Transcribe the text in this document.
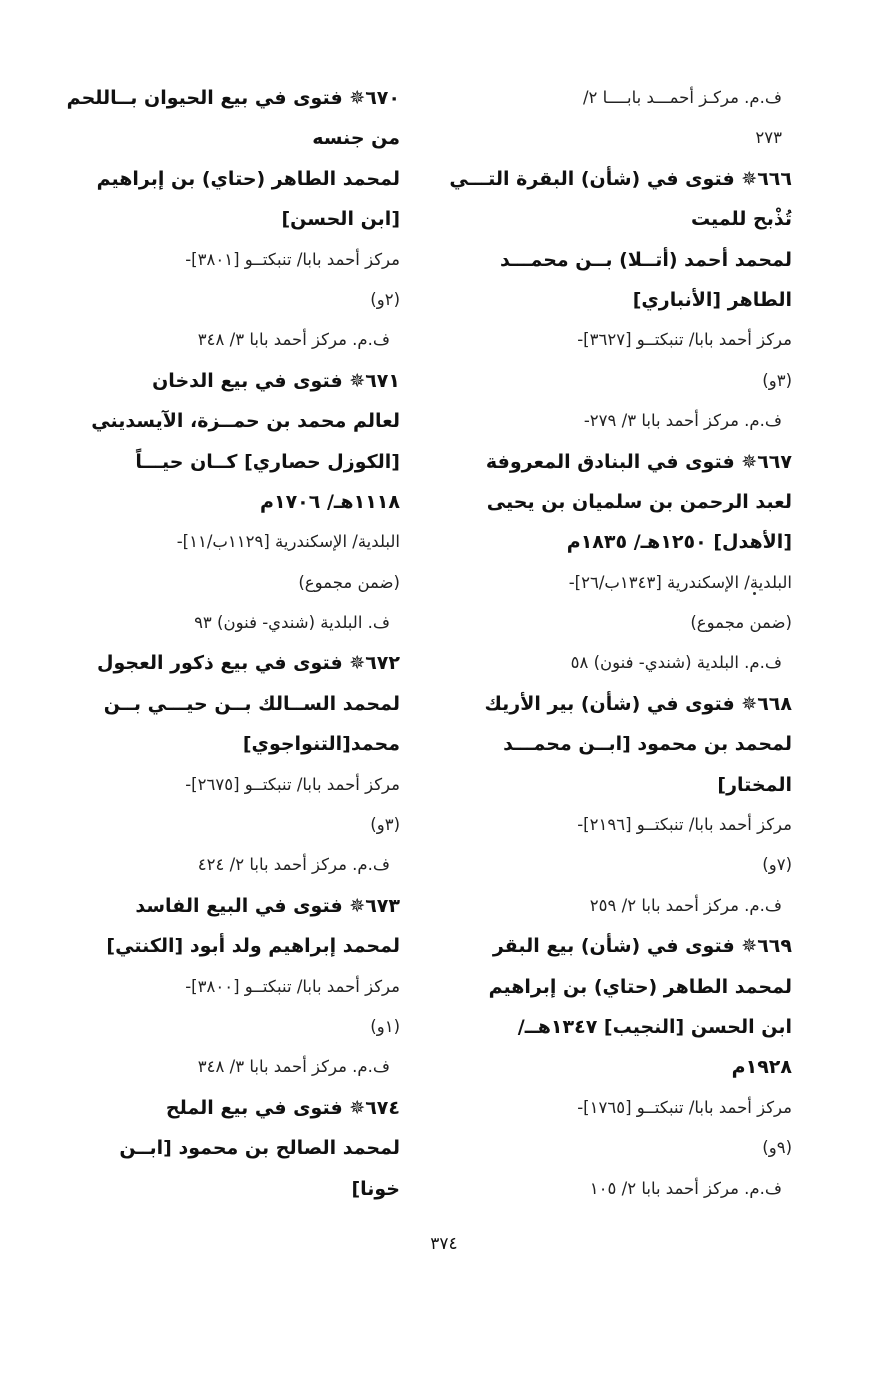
ف.م. مركـز أحمـــد بابــــا ٢/
٢٧٣
٦٦٦✵ فتوى في (شأن) البقرة التـــي
تُذْبح للميت
لمحمد أحمد (أتــلا) بــن محمـــد
الطاهر [الأنباري]
مركز أحمد بابا/ تنبكتــو [٣٦٢٧]-
(٣و)
ف.م. مركز أحمد بابا ٣/ ٢٧٩-
٦٦٧✵ فتوى في البنادق المعروفة
لعبد الرحمن بن سلميان بن يحيى
[الأهدل] ١٢٥٠هـ/ ١٨٣٥م
البلدية/ الإسكندرية [١٣٤٣ب/٢٦]-
(ضمن مجموع)
ف.م. البلدية (شندي- فنون) ٥٨
٦٦٨✵ فتوى في (شأن) بير الأريك
لمحمد بن محمود [ابــن محمـــد
المختار]
مركز أحمد بابا/ تنبكتــو [٢١٩٦]-
(٧و)
ف.م. مركز أحمد بابا ٢/ ٢٥٩
٦٦٩✵ فتوى في (شأن) بيع البقر
لمحمد الطاهر (حتاي) بن إبراهيم
ابن الحسن [النجيب] ١٣٤٧هــ/
١٩٢٨م
مركز أحمد بابا/ تنبكتــو [١٧٦٥]-
(٩و)
ف.م. مركز أحمد بابا ٢/ ١٠٥
٦٧٠✵ فتوى في بيع الحيوان بــاللحم
من جنسه
لمحمد الطاهر (حتاي) بن إبراهيم
[ابن الحسن]
مركز أحمد بابا/ تنبكتــو [٣٨٠١]-
(٢و)
ف.م. مركز أحمد بابا ٣/ ٣٤٨
٦٧١✵ فتوى في بيع الدخان
لعالم محمد بن حمــزة، الآيسديني
[الكوزل حصاري] كــان حيـــاً
١١١٨هـ/ ١٧٠٦م
البلدية/ الإسكندرية [١١٢٩ب/١١]-
(ضمن مجموع)
ف. البلدية (شندي- فنون) ٩٣
٦٧٢✵ فتوى في بيع ذكور العجول
لمحمد الســالك بــن حيـــي بــن
محمد[التنواجوي]
مركز أحمد بابا/ تنبكتــو [٢٦٧٥]-
(٣و)
ف.م. مركز أحمد بابا ٢/ ٤٢٤
٦٧٣✵ فتوى في البيع الفاسد
لمحمد إبراهيم ولد أبود [الكنتي]
مركز أحمد بابا/ تنبكتــو [٣٨٠٠]-
(١و)
ف.م. مركز أحمد بابا ٣/ ٣٤٨
٦٧٤✵ فتوى في بيع الملح
لمحمد الصالح بن محمود [ابــن
خونا]
٣٧٤
